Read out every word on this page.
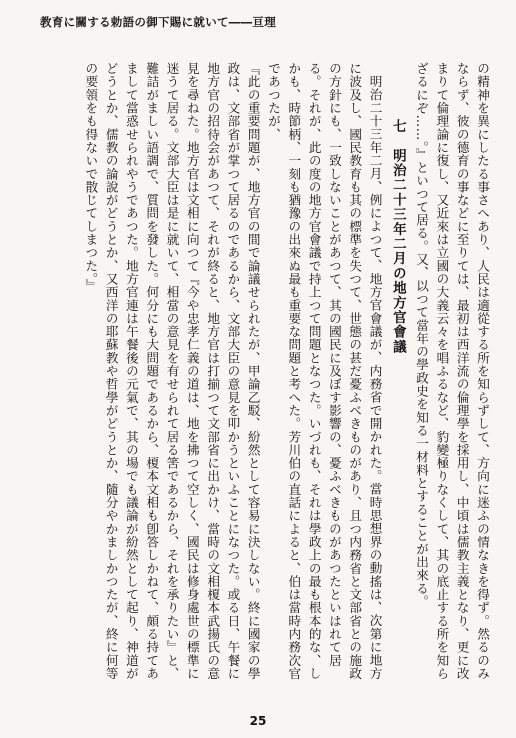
教育に關する勅語の御下賜に就いて――亘理

の精神を異にしたる事さへあり、人民は適從する所を知らずして、方向に迷ふの情なきを得ず。然るのみならず、彼の德育の事などに至りては、最初は西洋流の倫理學を採用し、中頃は儒教主義となり、更に改まりて倫理論に復し、又近來は立國の大義云々を唱ふるなど、豹變極りなくして、其の底止する所を知らざるにぞ……。』といつて居る。又、以つて當年の學政史を知る一材料とすることが出來る。

七　明治二十三年二月の地方官會議

明治二十三年二月、例によつて、地方官會議が、内務省で開かれた。當時思想界の動搖は、次第に地方に波及し、國民教育も其の標準を失つて、世態の甚だ憂ふべきものがあり、且つ内務省と文部省との施政の方針にも、一致しないことがあつて、其の國民に及ぼす影響の、憂ふべきものがあつたといはれて居る。それが、此の度の地方官會議で持上つて問題となつた。いづれも、それは學政上の最も根本的な、しかも、時節柄、一刻も猶豫の出來ぬ最も重要な問題と考へた。芳川伯の直話によると、伯は當時内務次官であつたが、

『此の重要問題が、地方官の間で論議せられたが、甲論乙駁、紛然として容易に決しない。終に國家の學政は、文部省が掌つて居るのであるから、文部大臣の意見を叩かうといふことになつた。或る日、午餐に地方官の招待会があつて、それが終ると、地方官は打揃つて文部省に出かけ、當時の文相榎本武揚氏の意見を尋ねた。地方官は文相に向つて『今や忠孝仁義の道は、地を拂つて空しく、國民は修身處世の標準に迷うて居る。文部大臣は是に就いて、相當の意見を有せられて居る筈であるから、それを承りたい』と、難詰がましい語調で、質問を發した。何分にも大問題であるから、榎本文相も卽答しかねて、頗る持てあまして當惑せられやうであつた。地方官連は午餐後の元氣で、其の場でも議論が紛然として起り、神道がどうとか、儒教の論說がどうとか、又西洋の耶蘇教や哲學がどうとか、隨分やかましかつたが、終に何等の要領をも得ないで散じてしまつた。』

25
